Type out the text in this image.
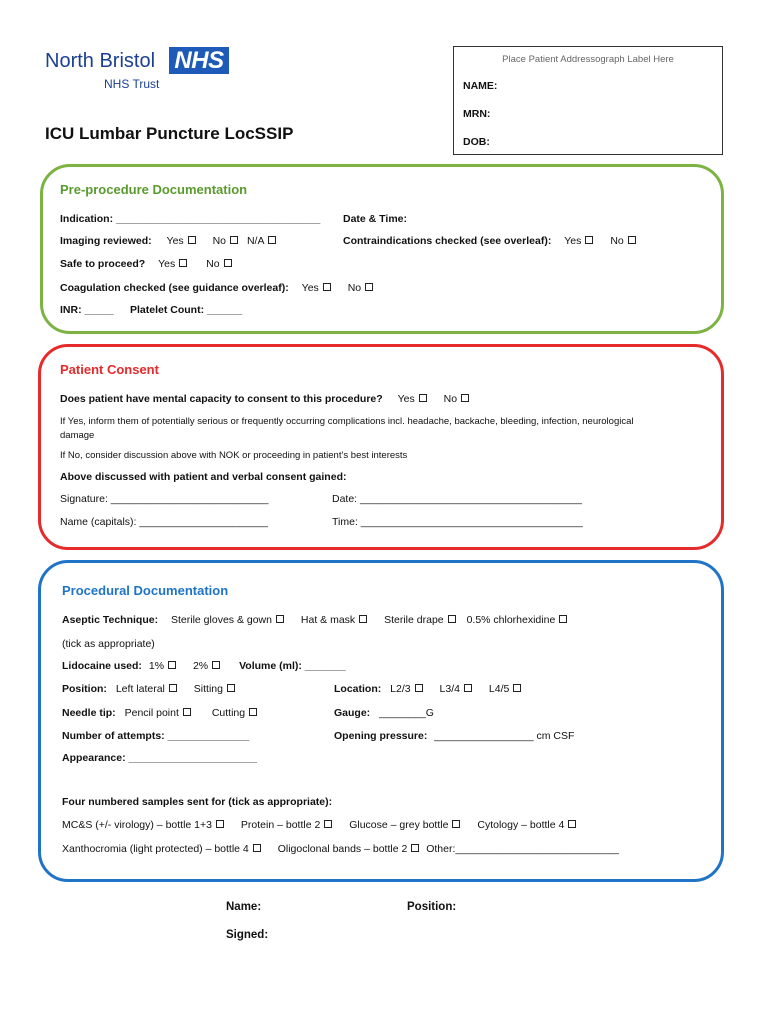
North Bristol
NHS Trust
NHS
ICU Lumbar Puncture LocSSIP
Place Patient Addressograph Label Here
NAME:
MRN:
DOB:
Pre-procedure Documentation
Indication: ___________________________________ Date & Time:
Imaging reviewed: Yes	No N/A	Contraindications checked (see overleaf): Yes	No
Safe to proceed? Yes	No
Coagulation checked (see guidance overleaf): Yes	No
INR: _____ Platelet Count: ______
Patient Consent
Does patient have mental capacity to consent to this procedure? Yes	No
If Yes, inform them of potentially serious or frequently occurring complications incl. headache, backache, bleeding, infection, neurological
damage
If No, consider discussion above with NOK or proceeding in patient’s best interests
Above discussed with patient and verbal consent gained:
Signature: ___________________________	Date: ______________________________________
Name (capitals): ______________________	Time: ______________________________________
Procedural Documentation
Aseptic Technique: Sterile gloves & gown	Hat & mask	Sterile drape 0.5% chlorhexidine
(tick as appropriate)
Lidocaine used: 1%	2%	Volume (ml): _______
Position: Left lateral	Sitting	Location: L2/3	L3/4	L4/5
Needle tip: Pencil point	Cutting	Gauge: ________G
Number of attempts: ______________	Opening pressure: _________________ cm CSF
Appearance: ______________________
Four numbered samples sent for (tick as appropriate):
MC&S (+/- virology) – bottle 1+3	Protein – bottle 2	Glucose – grey bottle	Cytology – bottle 4
Xanthocromia (light protected) – bottle 4	Oligoclonal bands – bottle 2 Other:____________________________
Name:	Position:
Signed:
